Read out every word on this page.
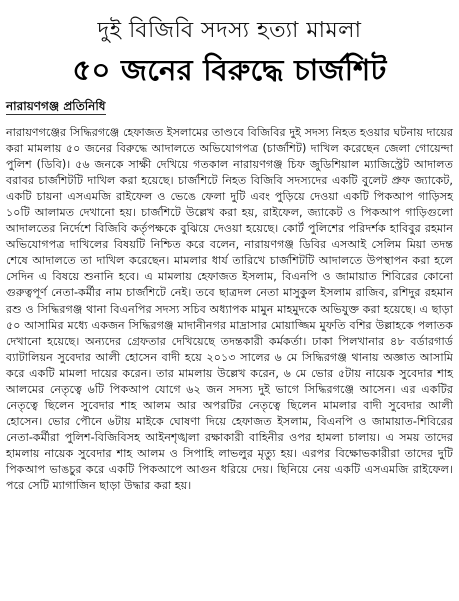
দুই বিজিবি সদস্য হত্যা মামলা
৫০ জনের বিরুদ্ধে চার্জশিট
নারায়ণগঞ্জ প্রতিনিধি
নারায়ণগঞ্জের সিদ্ধিরগঞ্জে হেফাজত ইসলামের তাণ্ডবে বিজিবির দুই সদস্য নিহত হওয়ার ঘটনায় দায়ের করা মামলায় ৫০ জনের বিরুদ্ধে আদালতে অভিযোগপত্র (চার্জশিট) দাখিল করেছেন জেলা গোয়েন্দা পুলিশ (ডিবি)। ৫৬ জনকে সাক্ষী দেখিয়ে গতকাল নারায়ণগঞ্জ চিফ জুডিশিয়াল ম্যাজিস্ট্রেট আদালত বরাবর চার্জশিটটি দাখিল করা হয়েছে। চার্জশিটে নিহত বিজিবি সদস্যদের একটি বুলেট প্রুফ জ্যাকেট, একটি চায়না এসএমজি রাইফেল ও ভেঙে ফেলা দুটি এবং পুড়িয়ে দেওয়া একটি পিকআপ গাড়িসহ ১০টি আলামত দেখানো হয়। চার্জশিটে উল্লেখ করা হয়, রাইফেল, জ্যাকেট ও পিকআপ গাড়িগুলো আদালতের নির্দেশে বিজিবি কর্তৃপক্ষকে বুঝিয়ে দেওয়া হয়েছে। কোর্ট পুলিশের পরিদর্শক হাবিবুর রহমান অভিযোগপত্র দাখিলের বিষয়টি নিশ্চিত করে বলেন, নারায়ণগঞ্জ ডিবির এসআই সেলিম মিয়া তদন্ত শেষে আদালতে তা দাখিল করেছেন। মামলার ধার্য তারিখে চার্জশিটটি আদালতে উপস্থাপন করা হলে সেদিন এ বিষয়ে শুনানি হবে। এ মামলায় হেফাজত ইসলাম, বিএনপি ও জামায়াত শিবিরের কোনো গুরুত্বপূর্ণ নেতা-কর্মীর নাম চার্জশিটে নেই। তবে ছাত্রদল নেতা মাসুকুল ইসলাম রাজিব, রশিদুর রহমান রশু ও সিদ্ধিরগঞ্জ থানা বিএনপির সদস্য সচিব অধ্যাপক মামুন মাহমুদকে অভিযুক্ত করা হয়েছে। এ ছাড়া ৫০ আসামির মধ্যে একজন সিদ্ধিরগঞ্জ মাদানীনগর মাদ্রাসার মোয়াজ্জিম মুফতি বশির উল্লাহকে পলাতক দেখানো হয়েছে। অন্যদের গ্রেফতার দেখিয়েছে তদন্তকারী কর্মকর্তা। ঢাকা পিলখানার ৪৮ বর্ডারগার্ড ব্যাটালিয়ন সুবেদার আলী হোসেন বাদী হয়ে ২০১৩ সালের ৬ মে সিদ্ধিরগঞ্জ থানায় অজ্ঞাত আসামি করে একটি মামলা দায়ের করেন। তার মামলায় উল্লেখ করেন, ৬ মে ভোর ৫টায় নায়েক সুবেদার শাহ আলমের নেতৃত্বে ৬টি পিকআপ যোগে ৬২ জন সদস্য দুই ভাগে সিদ্ধিরগঞ্জে আসেন। এর একটির নেতৃত্বে ছিলেন সুবেদার শাহ আলম আর অপরটির নেতৃত্বে ছিলেন মামলার বাদী সুবেদার আলী হোসেন। ভোর পৌনে ৬টায় মাইকে ঘোষণা দিয়ে হেফাজত ইসলাম, বিএনপি ও জামায়াত-শিবিরের নেতা-কর্মীরা পুলিশ-বিজিবিসহ আইনশৃঙ্খলা রক্ষাকারী বাহিনীর ওপর হামলা চালায়। এ সময় তাদের হামলায় নায়েক সুবেদার শাহ আলম ও সিপাহি লাভলুর মৃত্যু হয়। এরপর বিক্ষোভকারীরা তাদের দুটি পিকআপ ভাঙচুর করে একটি পিকআপে আগুন ধরিয়ে দেয়। ছিনিয়ে নেয় একটি এসএমজি রাইফেল। পরে সেটি ম্যাগাজিন ছাড়া উদ্ধার করা হয়।
